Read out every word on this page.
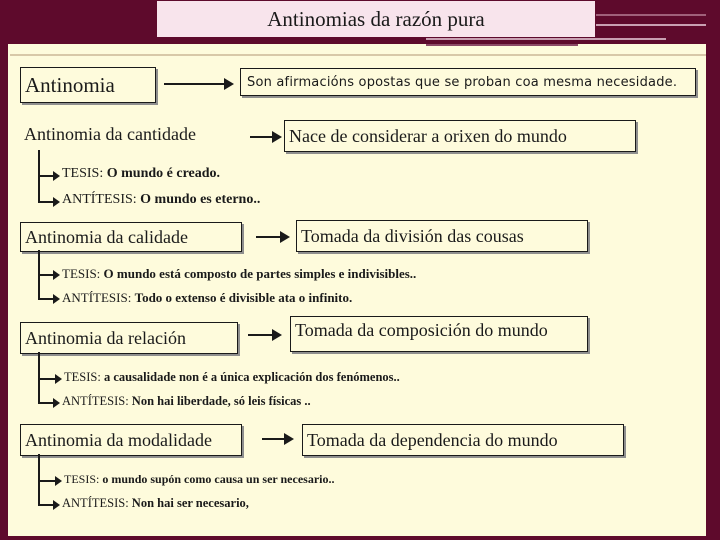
Antinomias da razón pura
Antinomia	Son afirmacións opostas que se proban coa mesma necesidade.
Antinomia da cantidade	Nace de considerar a orixen do mundo
TESIS: O mundo é creado.
ANTÍTESIS: O mundo es eterno..
Antinomia da calidade	Tomada da división das cousas
TESIS: O mundo está composto de partes simples e indivisibles..
ANTÍTESIS: Todo o extenso é divisible ata o infinito.
Antinomia da relación	Tomada da composición do mundo
TESIS: a causalidade non é a única explicación dos fenómenos..
ANTÍTESIS: Non hai liberdade, só leis físicas ..
Antinomia da modalidade	Tomada da dependencia do mundo
TESIS: o mundo supón como causa un ser necesario..
ANTÍTESIS: Non hai ser necesario,
